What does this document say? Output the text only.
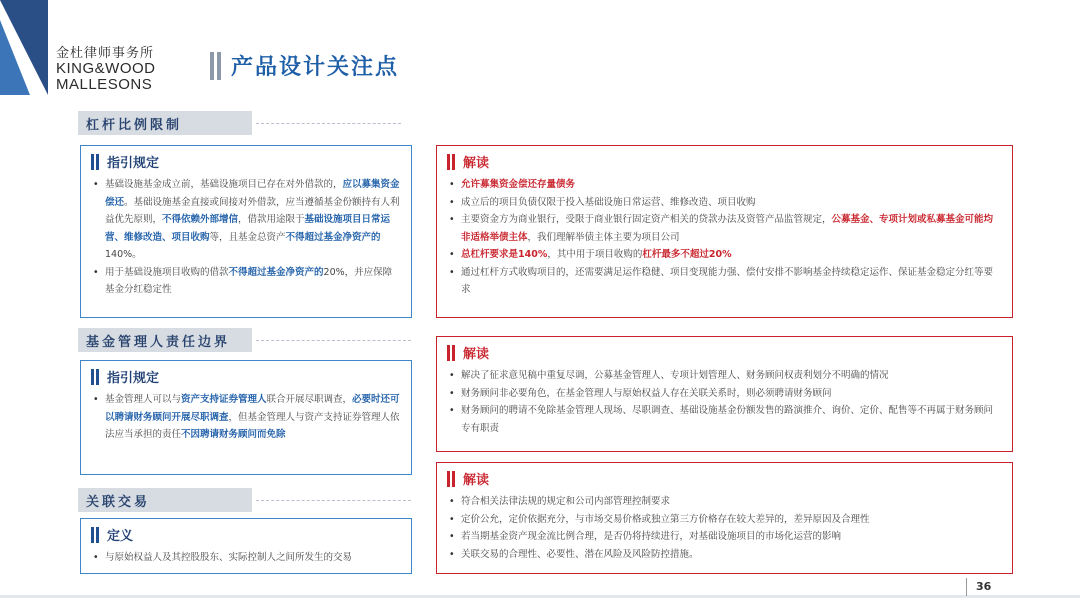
金杜律师事务所
KING&WOOD
MALLESONS
产品设计关注点
杠杆比例限制
指引规定
• 基础设施基金成立前，基础设施项目已存在对外借款的，应以募集资金偿还。基础设施基金直接或间接对外借款，应当遵循基金份额持有人利益优先原则，不得依赖外部增信，借款用途限于基础设施项目日常运营、维修改造、项目收购等，且基金总资产不得超过基金净资产的140%。
• 用于基础设施项目收购的借款不得超过基金净资产的20%，并应保障基金分红稳定性
解读
• 允许募集资金偿还存量债务
• 成立后的项目负债仅限于投入基础设施日常运营、维修改造、项目收购
• 主要资金方为商业银行，受限于商业银行固定资产相关的贷款办法及资管产品监管规定，公募基金、专项计划或私募基金可能均非适格举债主体，我们理解举债主体主要为项目公司
• 总杠杆要求是140%，其中用于项目收购的杠杆最多不超过20%
• 通过杠杆方式收购项目的，还需要满足运作稳健、项目变现能力强、偿付安排不影响基金持续稳定运作、保证基金稳定分红等要求
基金管理人责任边界
指引规定
• 基金管理人可以与资产支持证券管理人联合开展尽职调查，必要时还可以聘请财务顾问开展尽职调查，但基金管理人与资产支持证券管理人依法应当承担的责任不因聘请财务顾问而免除
解读
• 解决了征求意见稿中重复尽调，公募基金管理人、专项计划管理人、财务顾问权责利划分不明确的情况
• 财务顾问非必要角色，在基金管理人与原始权益人存在关联关系时，则必须聘请财务顾问
• 财务顾问的聘请不免除基金管理人现场、尽职调查、基础设施基金份额发售的路演推介、询价、定价、配售等不再属于财务顾问专有职责
关联交易
定义
• 与原始权益人及其控股股东、实际控制人之间所发生的交易
解读
• 符合相关法律法规的规定和公司内部管理控制要求
• 定价公允，定价依据充分，与市场交易价格或独立第三方价格存在较大差异的，差异原因及合理性
• 若当期基金资产现金流比例合理，是否仍将持续进行，对基础设施项目的市场化运营的影响
• 关联交易的合理性、必要性、潜在风险及风险防控措施。
36
